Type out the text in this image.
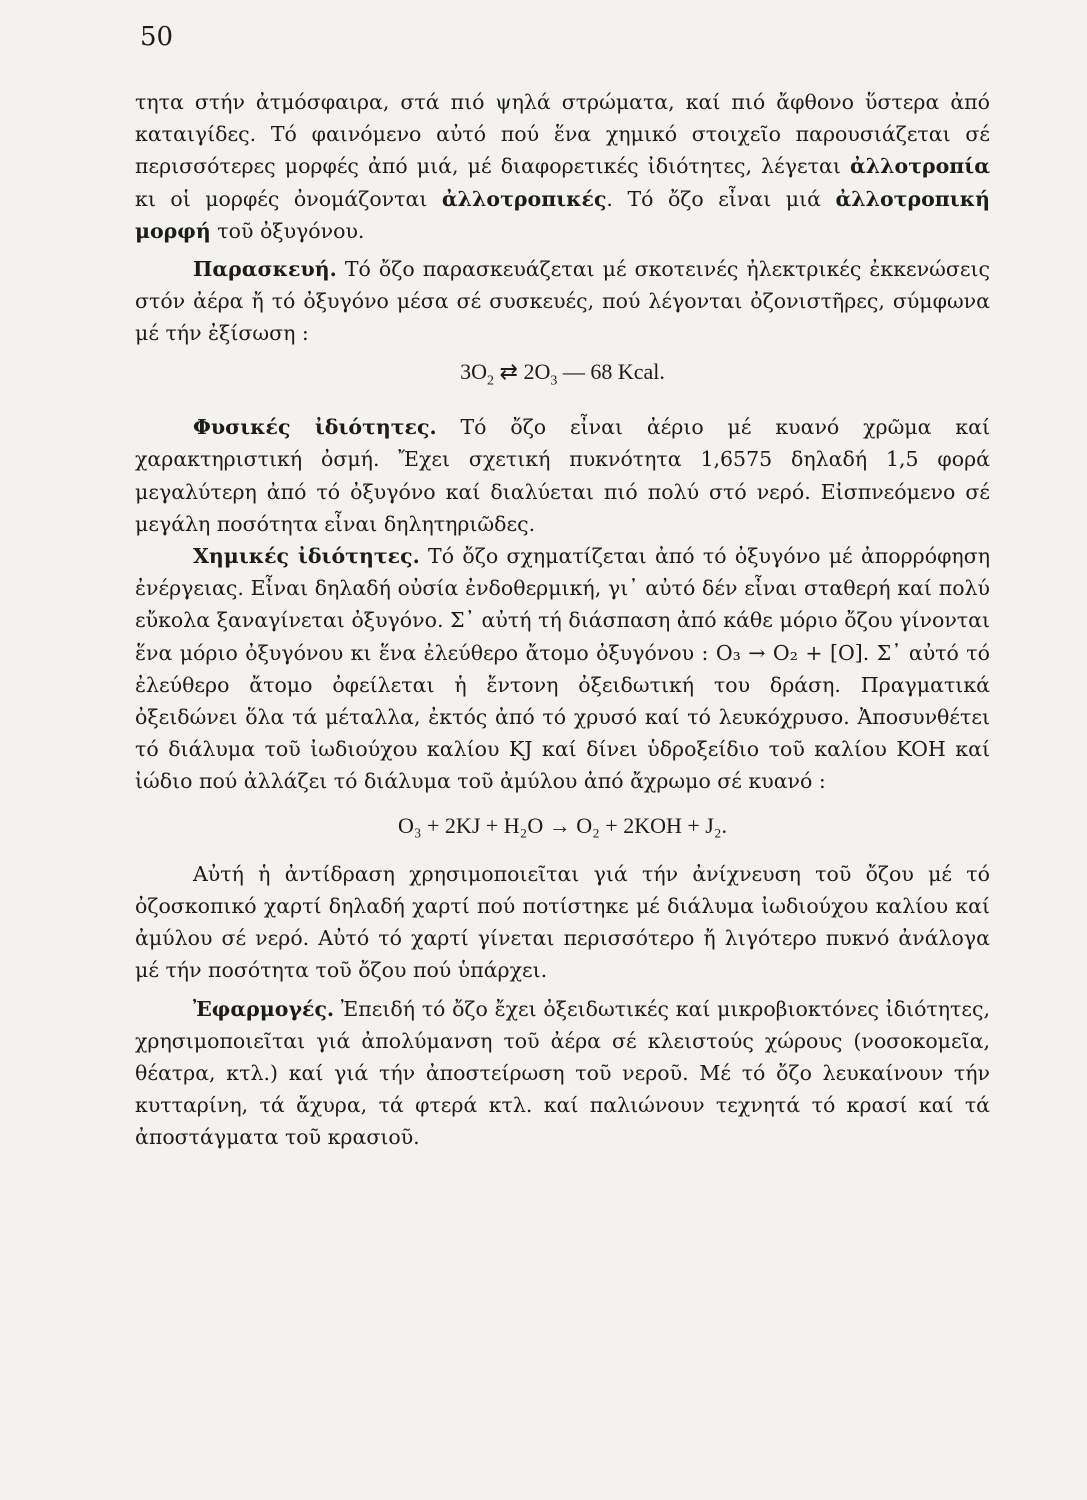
50

τητα στήν ἀτμόσφαιρα, στά πιό ψηλά στρώματα, καί πιό ἄφθονο ὕστερα ἀπό καταιγίδες. Τό φαινόμενο αὐτό πού ἕνα χημικό στοιχεῖο παρουσιάζεται σέ περισσότερες μορφές ἀπό μιά, μέ διαφορετικές ἰδιότητες, λέγεται ἀλλοτροπία κι οἱ μορφές ὀνομάζονται ἀλλοτροπικές. Τό ὄζο εἶναι μιά ἀλλοτροπική μορφή τοῦ ὀξυγόνου.

Παρασκευή. Τό ὄζο παρασκευάζεται μέ σκοτεινές ἠλεκτρικές ἐκκενώσεις στόν ἀέρα ἤ τό ὀξυγόνο μέσα σέ συσκευές, πού λέγονται ὀζονιστῆρες, σύμφωνα μέ τήν ἐξίσωση :

$3O_2$ ⇄ $2O_3$ — 68 Kcal.

Φυσικές ἰδιότητες. Τό ὄζο εἶναι ἀέριο μέ κυανό χρῶμα καί χαρακτηριστική ὀσμή. Ἔχει σχετική πυκνότητα 1,6575 δηλαδή 1,5 φορά μεγαλύτερη ἀπό τό ὀξυγόνο καί διαλύεται πιό πολύ στό νερό. Εἰσπνεόμενο σέ μεγάλη ποσότητα εἶναι δηλητηριῶδες.

Χημικές ἰδιότητες. Τό ὄζο σχηματίζεται ἀπό τό ὀξυγόνο μέ ἀπορρόφηση ἐνέργειας. Εἶναι δηλαδή οὐσία ἐνδοθερμική, γι᾽ αὐτό δέν εἶναι σταθερή καί πολύ εὔκολα ξαναγίνεται ὀξυγόνο. Σ᾽ αὐτή τή διάσπαση ἀπό κάθε μόριο ὄζου γίνονται ἕνα μόριο ὀξυγόνου κι ἕνα ἐλεύθερο ἄτομο ὀξυγόνου : O₃ → O₂ + [O]. Σ᾽ αὐτό τό ἐλεύθερο ἄτομο ὀφείλεται ἡ ἔντονη ὀξειδωτική του δράση. Πραγματικά ὀξειδώνει ὅλα τά μέταλλα, ἐκτός ἀπό τό χρυσό καί τό λευκόχρυσο. Ἀποσυνθέτει τό διάλυμα τοῦ ἰωδιούχου καλίου KJ καί δίνει ὑδροξείδιο τοῦ καλίου KOH καί ἰώδιο πού ἀλλάζει τό διάλυμα τοῦ ἀμύλου ἀπό ἄχρωμο σέ κυανό :

O₃ + 2KJ + H₂O → O₂ + 2KOH + J₂.

Αὐτή ἡ ἀντίδραση χρησιμοποιεῖται γιά τήν ἀνίχνευση τοῦ ὄζου μέ τό ὀζοσκοπικό χαρτί δηλαδή χαρτί πού ποτίστηκε μέ διάλυμα ἰωδιούχου καλίου καί ἀμύλου σέ νερό. Αὐτό τό χαρτί γίνεται περισσότερο ἤ λιγότερο πυκνό ἀνάλογα μέ τήν ποσότητα τοῦ ὄζου πού ὑπάρχει.

Ἐφαρμογές. Ἐπειδή τό ὄζο ἔχει ὀξειδωτικές καί μικροβιοκτόνες ἰδιότητες, χρησιμοποιεῖται γιά ἀπολύμανση τοῦ ἀέρα σέ κλειστούς χώρους (νοσοκομεῖα, θέατρα, κτλ.) καί γιά τήν ἀποστείρωση τοῦ νεροῦ. Μέ τό ὄζο λευκαίνουν τήν κυτταρίνη, τά ἄχυρα, τά φτερά κτλ. καί παλιώνουν τεχνητά τό κρασί καί τά ἀποστάγματα τοῦ κρασιοῦ.
